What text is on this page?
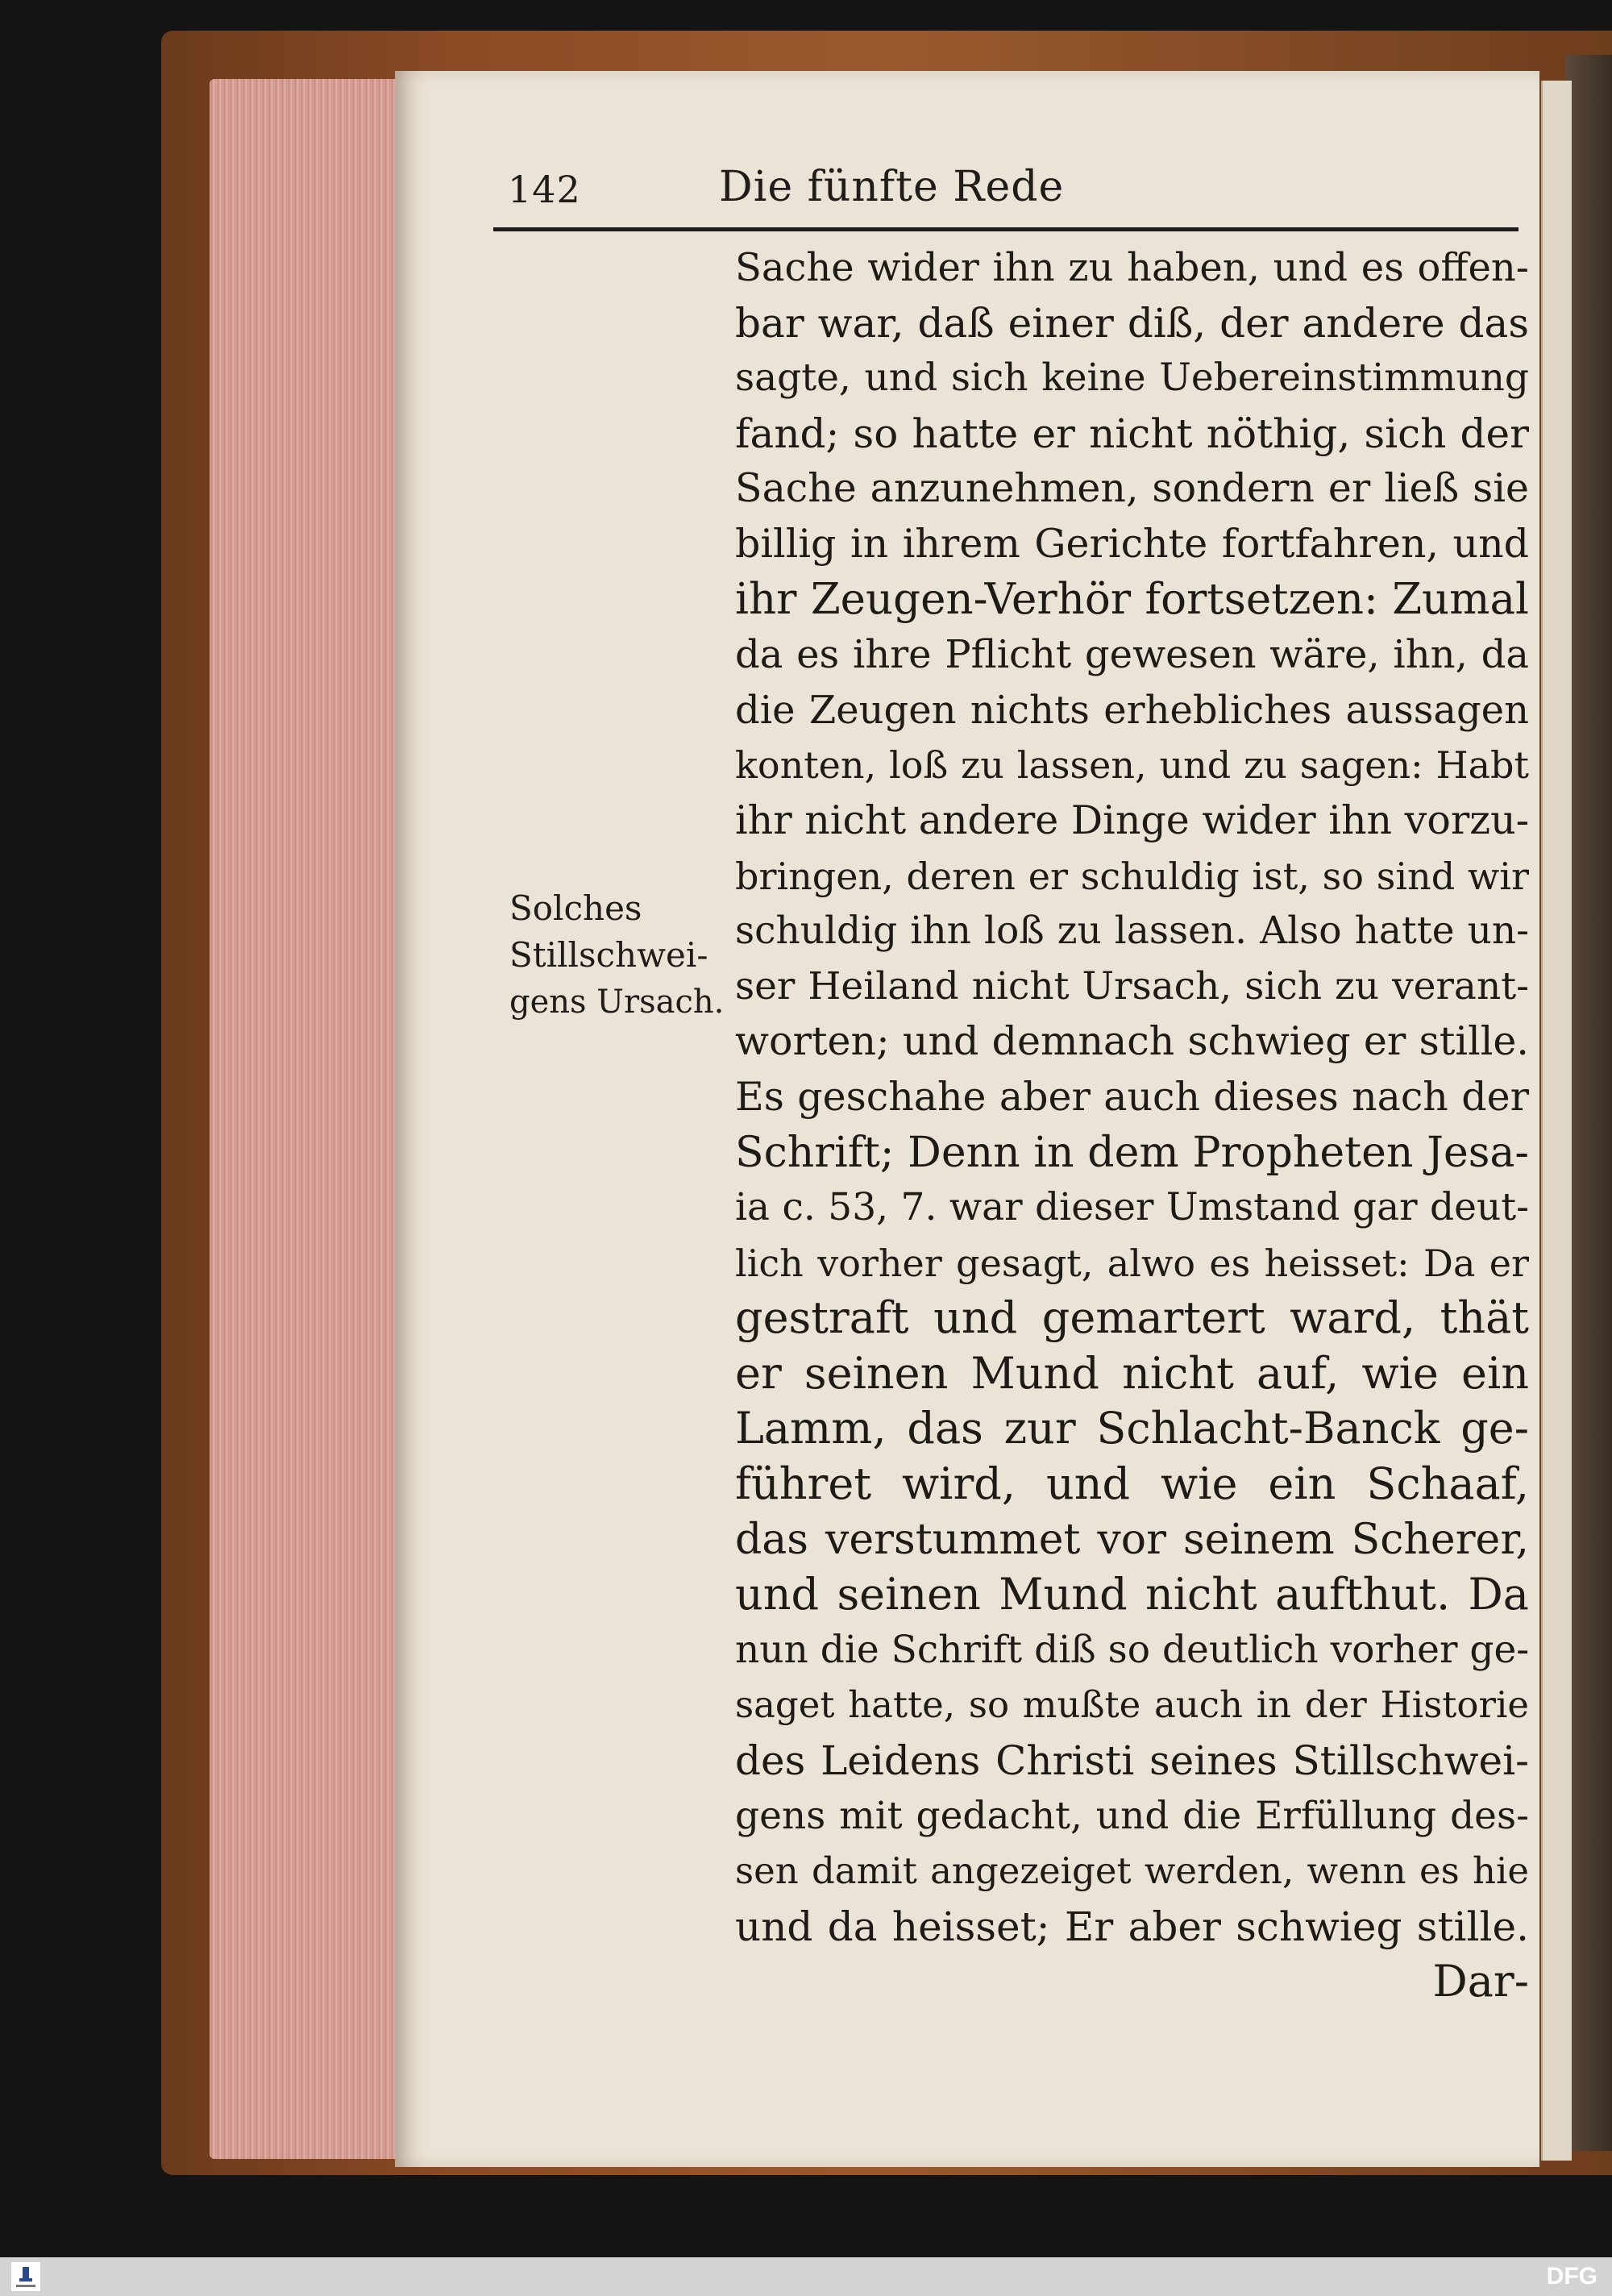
142	Die fünfte Rede
Solches
Stillschwei-
gens Ursach.
Sache wider ihn zu haben, und es offen-
bar war, daß einer diß, der andere das
sagte, und sich keine Uebereinstimmung
fand; so hatte er nicht nöthig, sich der
Sache anzunehmen, sondern er ließ sie
billig in ihrem Gerichte fortfahren, und
ihr Zeugen-Verhör fortsetzen: Zumal
da es ihre Pflicht gewesen wäre, ihn, da
die Zeugen nichts erhebliches aussagen
konten, loß zu lassen, und zu sagen: Habt
ihr nicht andere Dinge wider ihn vorzu-
bringen, deren er schuldig ist, so sind wir
schuldig ihn loß zu lassen. Also hatte un-
ser Heiland nicht Ursach, sich zu verant-
worten; und demnach schwieg er stille.
Es geschahe aber auch dieses nach der
Schrift; Denn in dem Propheten Jesa-
ia c. 53, 7. war dieser Umstand gar deut-
lich vorher gesagt, alwo es heisset: Da er
gestraft und gemartert ward, thät
er seinen Mund nicht auf, wie ein
Lamm, das zur Schlacht-Banck ge-
führet wird, und wie ein Schaaf,
das verstummet vor seinem Scherer,
und seinen Mund nicht aufthut. Da
nun die Schrift diß so deutlich vorher ge-
saget hatte, so mußte auch in der Historie
des Leidens Christi seines Stillschwei-
gens mit gedacht, und die Erfüllung des-
sen damit angezeiget werden, wenn es hie
und da heisset; Er aber schwieg stille.
Dar-
DFG
